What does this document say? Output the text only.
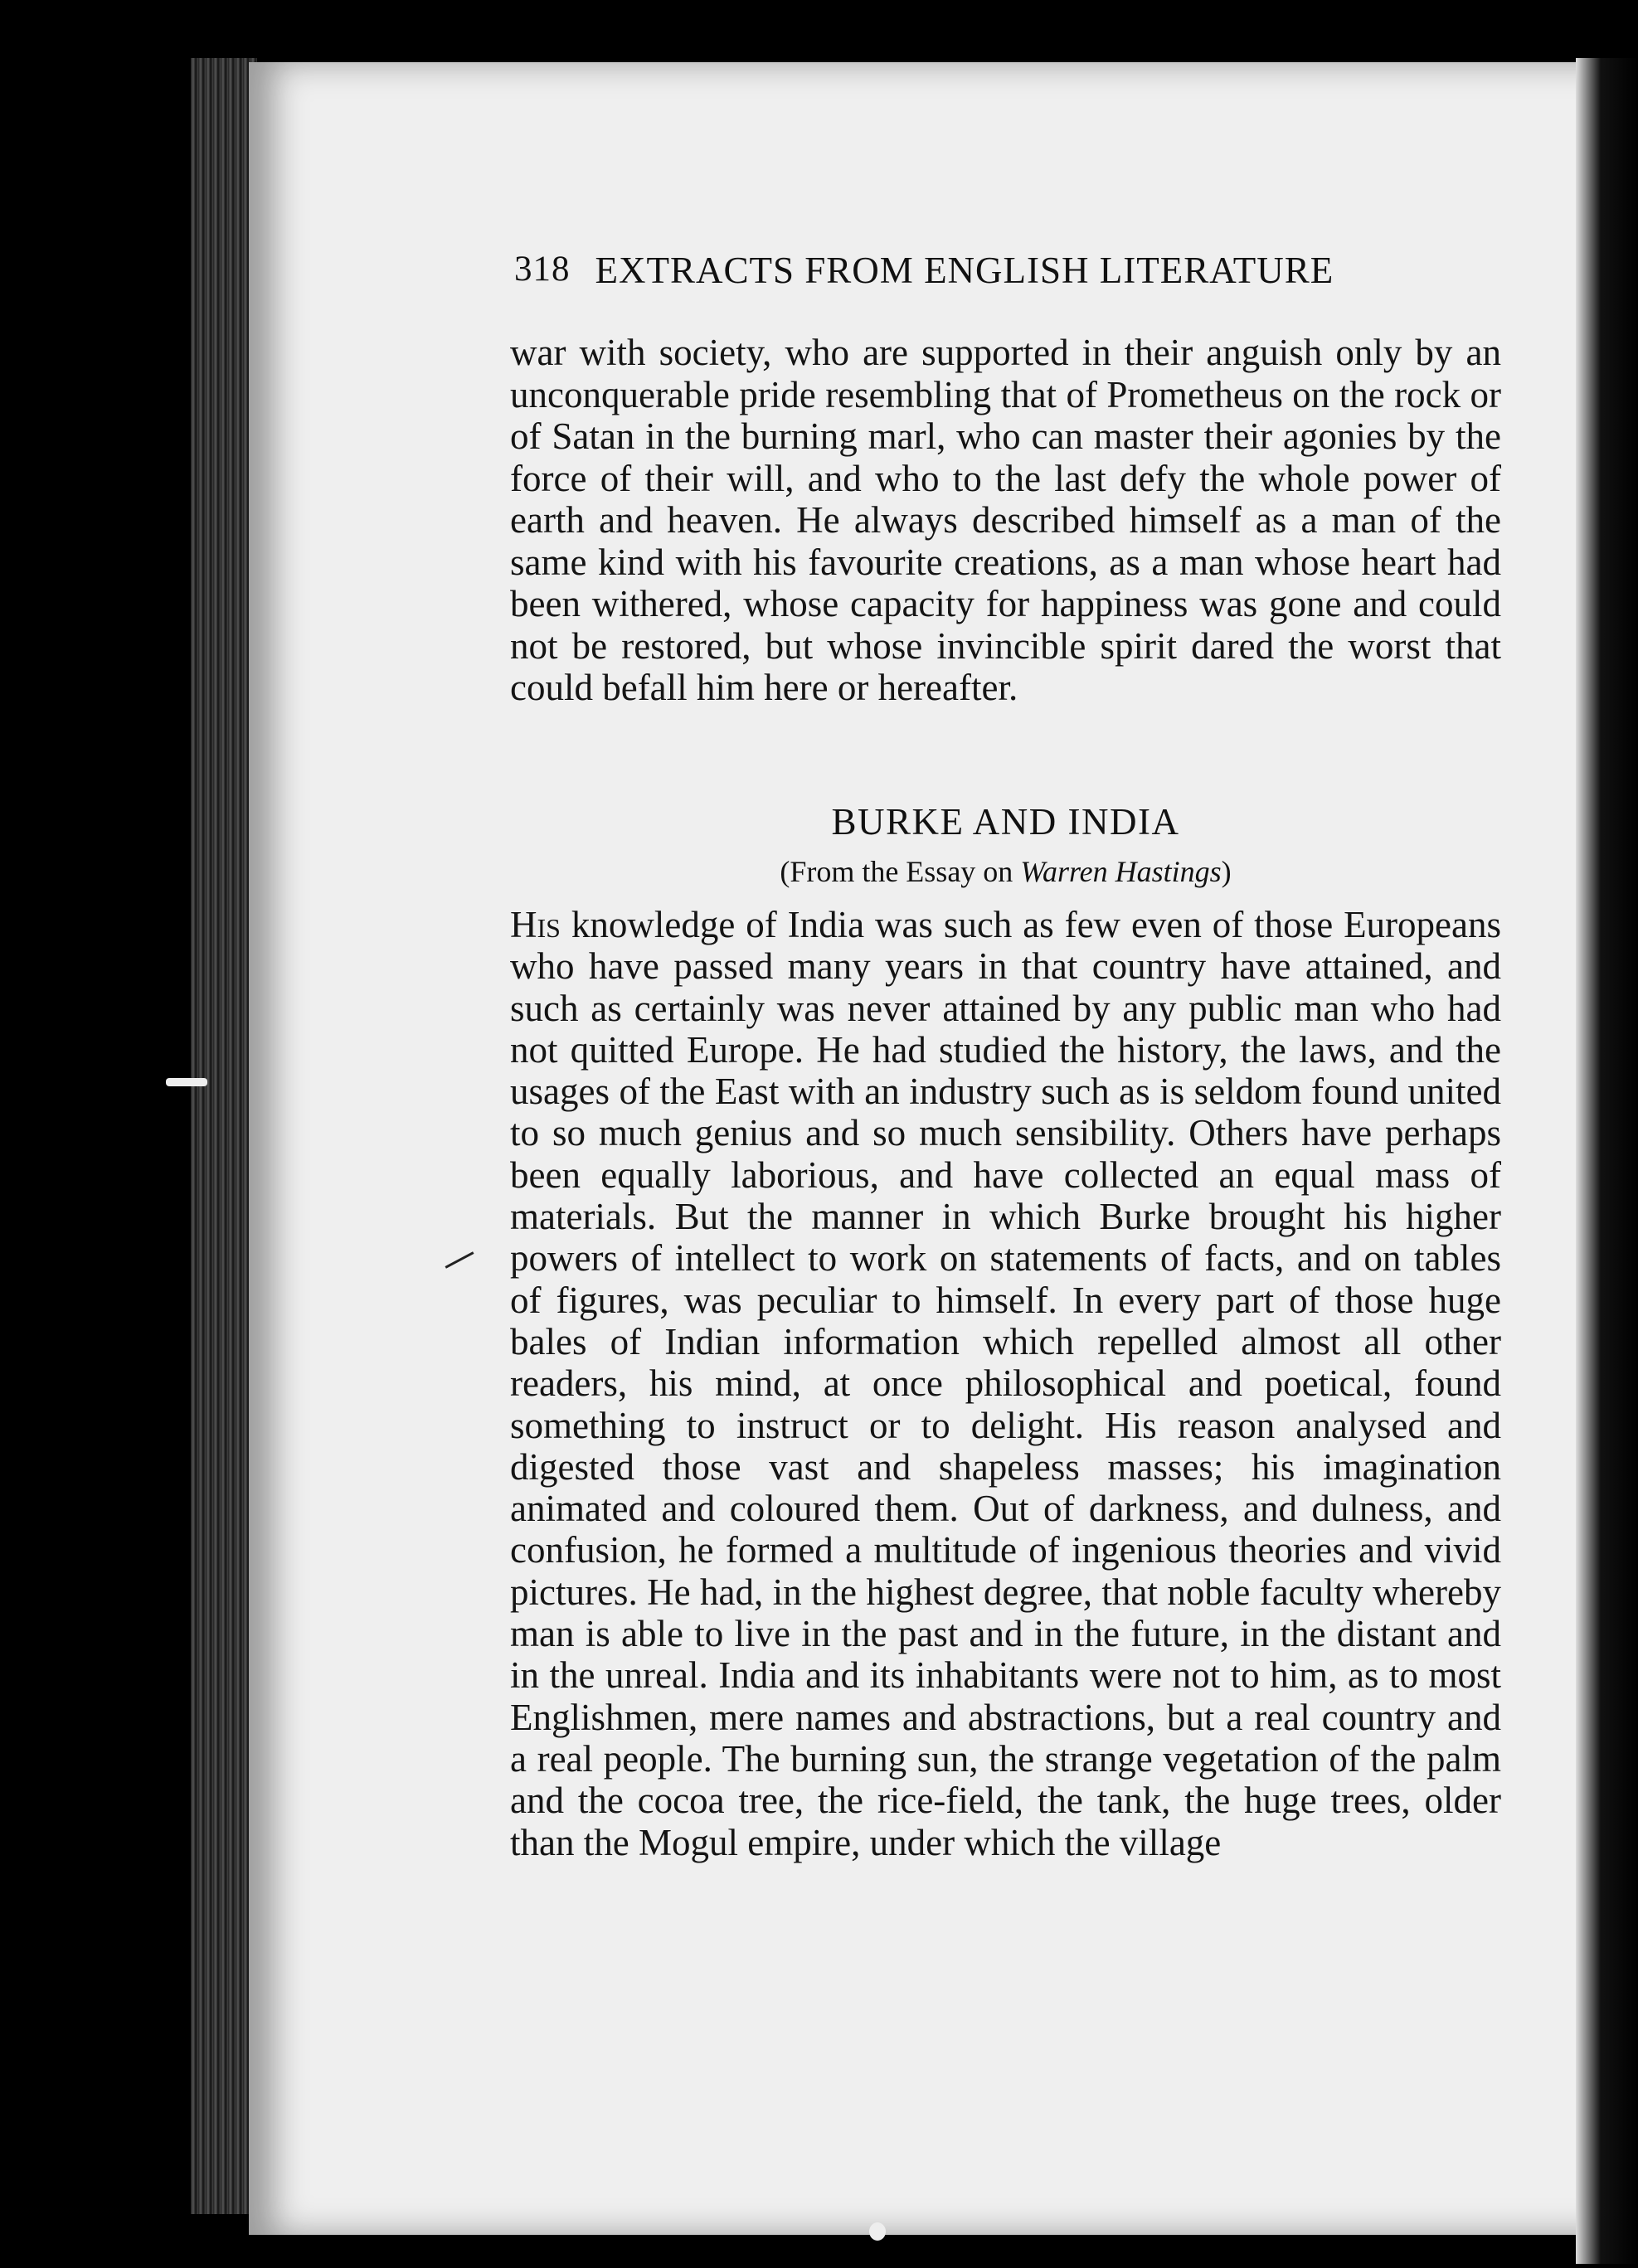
318 EXTRACTS FROM ENGLISH LITERATURE

war with society, who are supported in their anguish only by an unconquerable pride resembling that of Prometheus on the rock or of Satan in the burning marl, who can master their agonies by the force of their will, and who to the last defy the whole power of earth and heaven. He always described himself as a man of the same kind with his favourite creations, as a man whose heart had been withered, whose capacity for happiness was gone and could not be restored, but whose invincible spirit dared the worst that could befall him here or hereafter.

BURKE AND INDIA
(From the Essay on Warren Hastings)

His knowledge of India was such as few even of those Europeans who have passed many years in that country have attained, and such as certainly was never attained by any public man who had not quitted Europe. He had studied the history, the laws, and the usages of the East with an industry such as is seldom found united to so much genius and so much sensibility. Others have perhaps been equally laborious, and have collected an equal mass of materials. But the manner in which Burke brought his higher powers of intellect to work on statements of facts, and on tables of figures, was peculiar to himself. In every part of those huge bales of Indian information which repelled almost all other readers, his mind, at once philosophical and poetical, found something to instruct or to delight. His reason analysed and digested those vast and shapeless masses; his imagination animated and coloured them. Out of darkness, and dulness, and confusion, he formed a multitude of ingenious theories and vivid pictures. He had, in the highest degree, that noble faculty whereby man is able to live in the past and in the future, in the distant and in the unreal. India and its inhabitants were not to him, as to most Englishmen, mere names and abstractions, but a real country and a real people. The burning sun, the strange vegetation of the palm and the cocoa tree, the rice-field, the tank, the huge trees, older than the Mogul empire, under which the village
